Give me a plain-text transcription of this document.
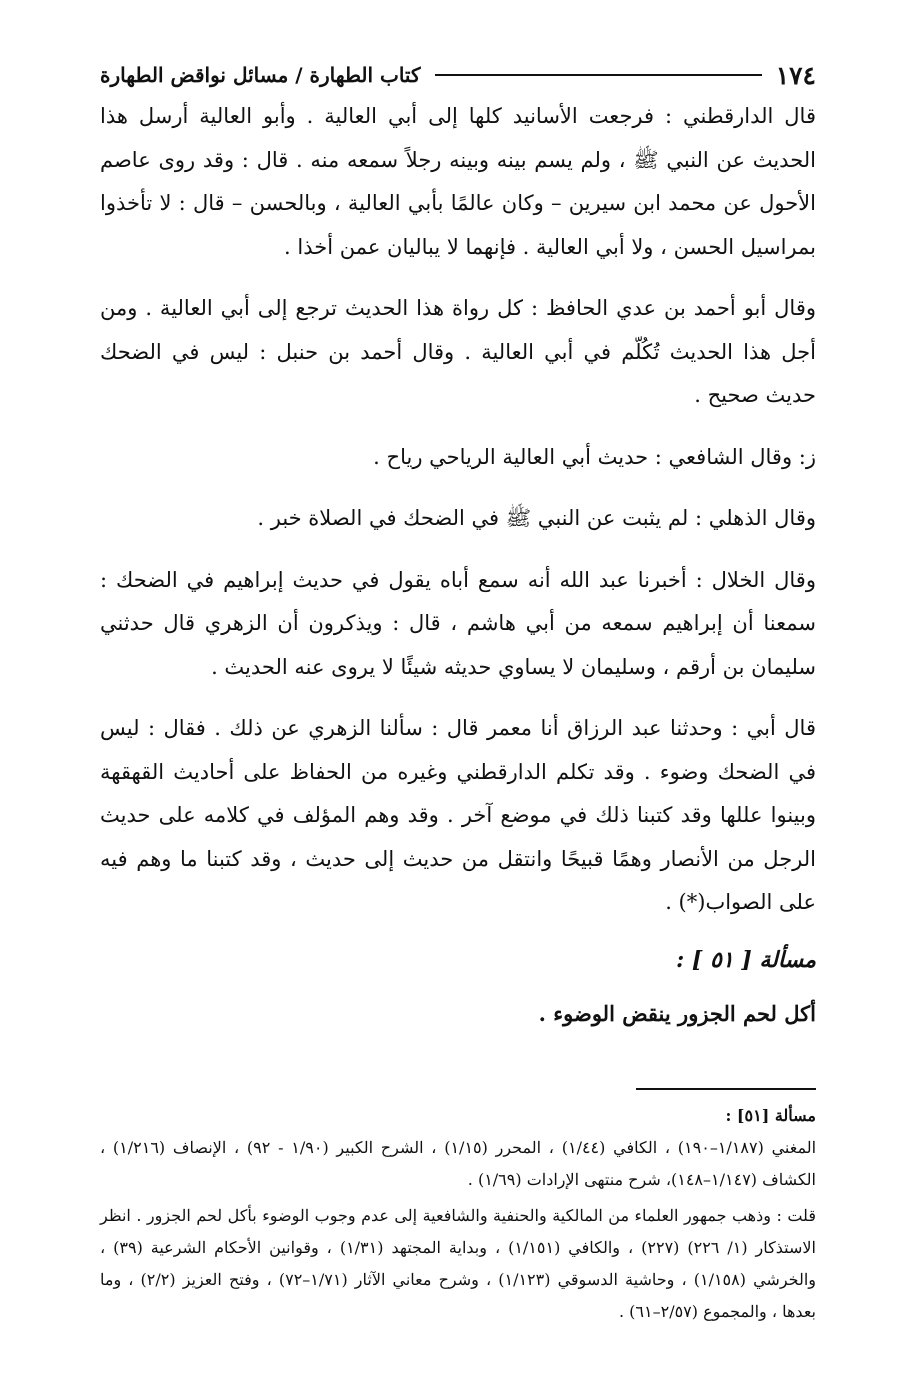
١٧٤
كتاب الطهارة / مسائل نواقض الطهارة

قال الدارقطني : فرجعت الأسانيد كلها إلى أبي العالية . وأبو العالية أرسل هذا الحديث عن النبي ﷺ ، ولم يسم بينه وبينه رجلاً سمعه منه . قال : وقد روى عاصم الأحول عن محمد ابن سيرين – وكان عالمًا بأبي العالية ، وبالحسن – قال : لا تأخذوا بمراسيل الحسن ، ولا أبي العالية . فإنهما لا يباليان عمن أخذا .

وقال أبو أحمد بن عدي الحافظ : كل رواة هذا الحديث ترجع إلى أبي العالية . ومن أجل هذا الحديث تُكُلّم في أبي العالية . وقال أحمد بن حنبل : ليس في الضحك حديث صحيح .

ز: وقال الشافعي : حديث أبي العالية الرياحي رياح .

وقال الذهلي : لم يثبت عن النبي ﷺ في الضحك في الصلاة خبر .

وقال الخلال : أخبرنا عبد الله أنه سمع أباه يقول في حديث إبراهيم في الضحك : سمعنا أن إبراهيم سمعه من أبي هاشم ، قال : ويذكرون أن الزهري قال حدثني سليمان بن أرقم ، وسليمان لا يساوي حديثه شيئًا لا يروى عنه الحديث .

قال أبي : وحدثنا عبد الرزاق أنا معمر قال : سألنا الزهري عن ذلك . فقال : ليس في الضحك وضوء . وقد تكلم الدارقطني وغيره من الحفاظ على أحاديث القهقهة وبينوا عللها وقد كتبنا ذلك في موضع آخر . وقد وهم المؤلف في كلامه على حديث الرجل من الأنصار وهمًا قبيحًا وانتقل من حديث إلى حديث ، وقد كتبنا ما وهم فيه على الصواب(*) .

مسألة [ ٥١ ] :

أكل لحم الجزور ينقض الوضوء .

مسألة [٥١] :

المغني (١/١٨٧–١٩٠) ، الكافي (١/٤٤) ، المحرر (١/١٥) ، الشرح الكبير (١/٩٠ - ٩٢) ، الإنصاف (١/٢١٦) ، الكشاف (١/١٤٧–١٤٨)، شرح منتهى الإرادات (١/٦٩) .

قلت : وذهب جمهور العلماء من المالكية والحنفية والشافعية إلى عدم وجوب الوضوء بأكل لحم الجزور . انظر الاستذكار (١/ ٢٢٦) (٢٢٧) ، والكافي (١/١٥١) ، وبداية المجتهد (١/٣١) ، وقوانين الأحكام الشرعية (٣٩) ، والخرشي (١/١٥٨) ، وحاشية الدسوقي (١/١٢٣) ، وشرح معاني الآثار (١/٧١–٧٢) ، وفتح العزيز (٢/٢) ، وما بعدها ، والمجموع (٢/٥٧–٦١) .
